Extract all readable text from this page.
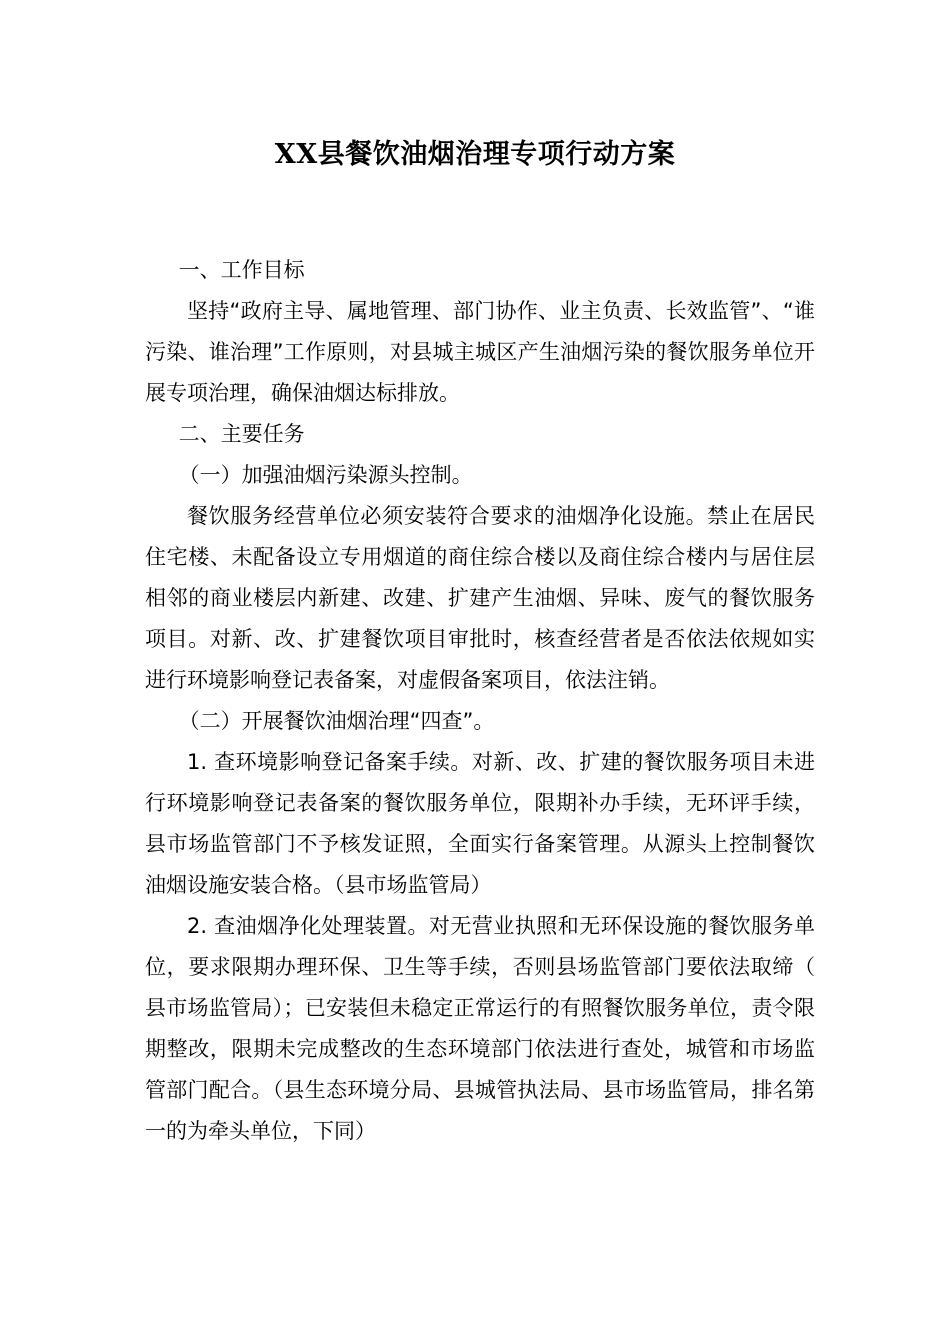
XX县餐饮油烟治理专项行动方案

一、工作目标

坚持“政府主导、属地管理、部门协作、业主负责、长效监管”、“谁污染、谁治理”工作原则，对县城主城区产生油烟污染的餐饮服务单位开展专项治理，确保油烟达标排放。

二、主要任务

（一）加强油烟污染源头控制。

餐饮服务经营单位必须安装符合要求的油烟净化设施。禁止在居民住宅楼、未配备设立专用烟道的商住综合楼以及商住综合楼内与居住层相邻的商业楼层内新建、改建、扩建产生油烟、异味、废气的餐饮服务项目。对新、改、扩建餐饮项目审批时，核查经营者是否依法依规如实进行环境影响登记表备案，对虚假备案项目，依法注销。

（二）开展餐饮油烟治理“四查”。

1. 查环境影响登记备案手续。对新、改、扩建的餐饮服务项目未进行环境影响登记表备案的餐饮服务单位，限期补办手续，无环评手续，县市场监管部门不予核发证照，全面实行备案管理。从源头上控制餐饮油烟设施安装合格。（县市场监管局）

2. 查油烟净化处理装置。对无营业执照和无环保设施的餐饮服务单位，要求限期办理环保、卫生等手续，否则县场监管部门要依法取缔（县市场监管局）；已安装但未稳定正常运行的有照餐饮服务单位，责令限期整改，限期未完成整改的生态环境部门依法进行查处，城管和市场监管部门配合。（县生态环境分局、县城管执法局、县市场监管局，排名第一的为牵头单位，下同）
